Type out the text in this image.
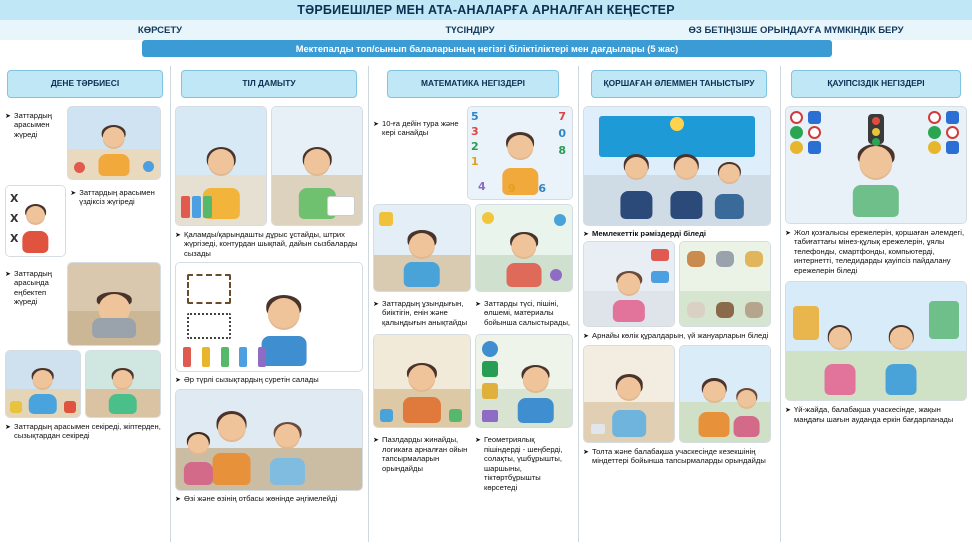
ТӘРБИЕШІЛЕР МЕН АТА-АНАЛАРҒА АРНАЛҒАН КЕҢЕСТЕР
КӨРСЕТУ	ТҮСІНДІРУ	ӨЗ БЕТІҢІЗШЕ ОРЫНДАУҒА МҮМКІНДІК БЕРУ
Мектепалды топ/сынып балаларының негізгі біліктіліктері мен дағдылары (5 жас)
ДЕНЕ ТӘРБИЕСІ
➤ Заттардың арасымен жүреді
X
X
X
➤ Заттардың арасымен үздіксіз жүгіреді
➤ Заттардың арасында еңбектеп жүреді
➤ Заттардың арасымен секіреді, жіптерден, сызықтардан секіреді
ТІЛ ДАМЫТУ
➤ Қаламды/қарындашты дұрыс ұстайды, штрих жүргізеді, контурдан шықпай, дайын сызбаларды сызады
➤ Әр түрлі сызықтардың суретін салады
➤ Өзі және өзінің отбасы жөнінде әңгімелейді
МАТЕМАТИКА НЕГІЗДЕРІ
➤ 10-ға дейін тура және кері санайды
5
3
2
1
7
0
8
4 9 6
➤ Заттардың ұзындығын, биіктігін, енін және қалыңдығын анықтайды
➤ Заттарды түсі, пішіні, өлшемі, материалы бойынша салыстырады,
➤ Пазлдарды жинайды, логикаға арналған ойын тапсырмаларын орындайды
➤ Геометриялық пішіндерді - шеңберді, солақты, үшбұрышты, шаршыны, тіктөртбұрышты көрсетеді
ҚОРШАҒАН ӘЛЕММЕН ТАНЫСТЫРУ
➤ Мемлекеттік рәміздерді біледі
➤ Арнайы көлік құралдарын, үй жануарларын біледі
➤ Толта және балабақша учаскесінде кезекшінің міндеттері бойынша тапсырмаларды орындайды
ҚАУІПСІЗДІК НЕГІЗДЕРІ
➤ Жол қозғалысы ережелерін, қоршаған әлемдегі, табиғаттағы мінез-құлық ережелерін, ұялы телефонды, смартфонды, компьютерді, интернетті, теледидарды қауіпсіз пайдалану ережелерін біледі
➤ Үй-жайда, балабақша учаскесінде, жақын маңдағы шағын ауданда еркін бағдарланады
